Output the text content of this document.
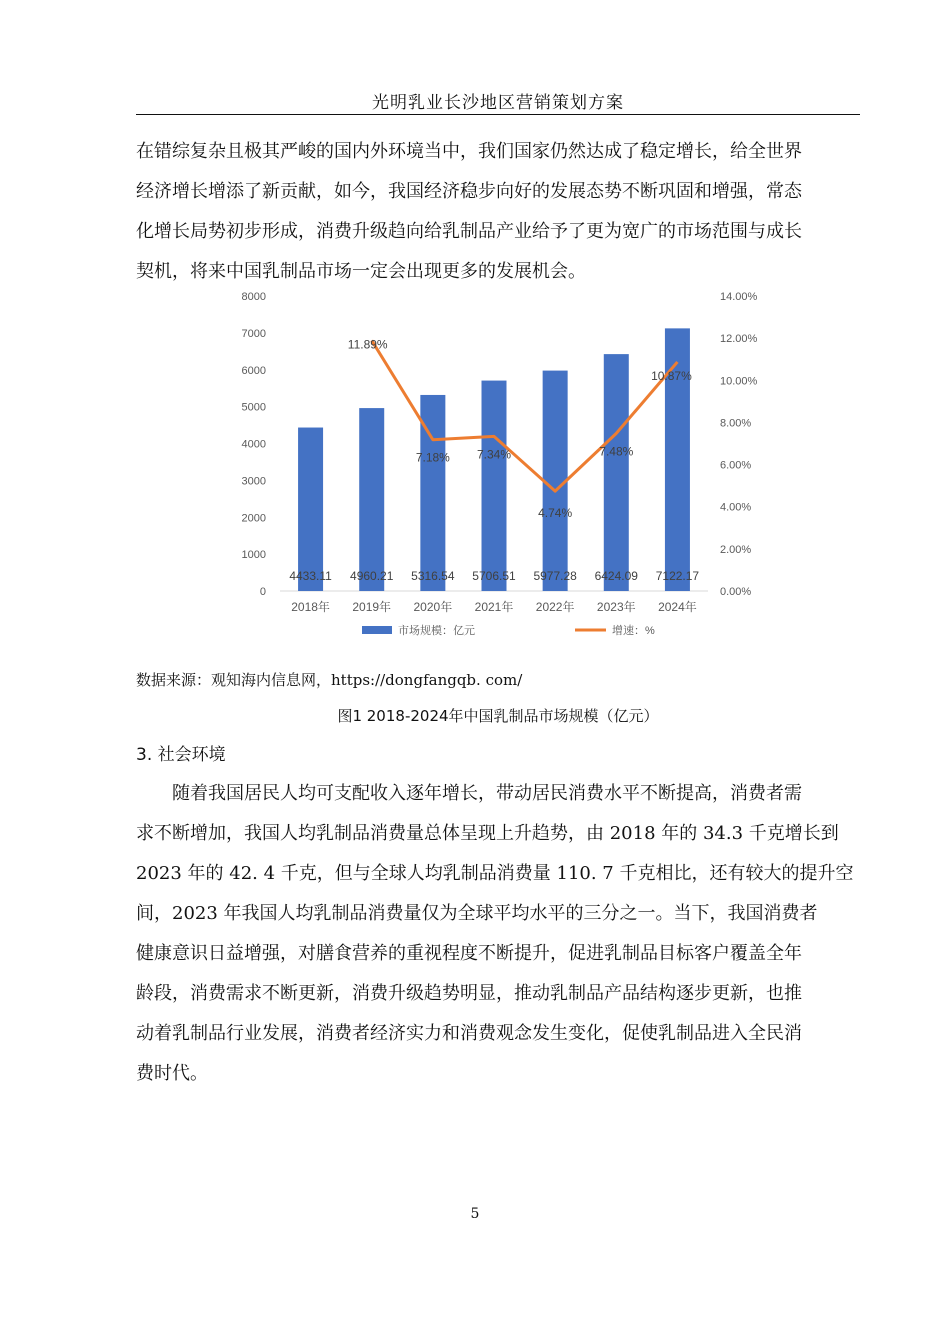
光明乳业长沙地区营销策划方案
在错综复杂且极其严峻的国内外环境当中，我们国家仍然达成了稳定增长，给全世界
经济增长增添了新贡献，如今，我国经济稳步向好的发展态势不断巩固和增强，常态
化增长局势初步形成，消费升级趋向给乳制品产业给予了更为宽广的市场范围与成长
契机，将来中国乳制品市场一定会出现更多的发展机会。
0
1000
2000
3000
4000
5000
6000
7000
8000
0.00%
2.00%
4.00%
6.00%
8.00%
10.00%
12.00%
14.00%
4433.11 4960.21 5316.54 5706.51 5977.28 6424.09 7122.17
2018年 2019年 2020年 2021年 2022年 2023年 2024年
11.89%
7.18% 7.34%
4.74%
7.48%
10.87%
市场规模：亿元	增速：%
数据来源：观知海内信息网，https://dongfangqb. com/
图1 2018-2024年中国乳制品市场规模（亿元）
3. 社会环境
随着我国居民人均可支配收入逐年增长，带动居民消费水平不断提高，消费者需
求不断增加，我国人均乳制品消费量总体呈现上升趋势，由 2018 年的 34.3 千克增长到
2023 年的 42. 4 千克，但与全球人均乳制品消费量 110. 7 千克相比，还有较大的提升空
间，2023 年我国人均乳制品消费量仅为全球平均水平的三分之一。当下，我国消费者
健康意识日益增强，对膳食营养的重视程度不断提升，促进乳制品目标客户覆盖全年
龄段，消费需求不断更新，消费升级趋势明显，推动乳制品产品结构逐步更新，也推
动着乳制品行业发展，消费者经济实力和消费观念发生变化，促使乳制品进入全民消
费时代。
5
